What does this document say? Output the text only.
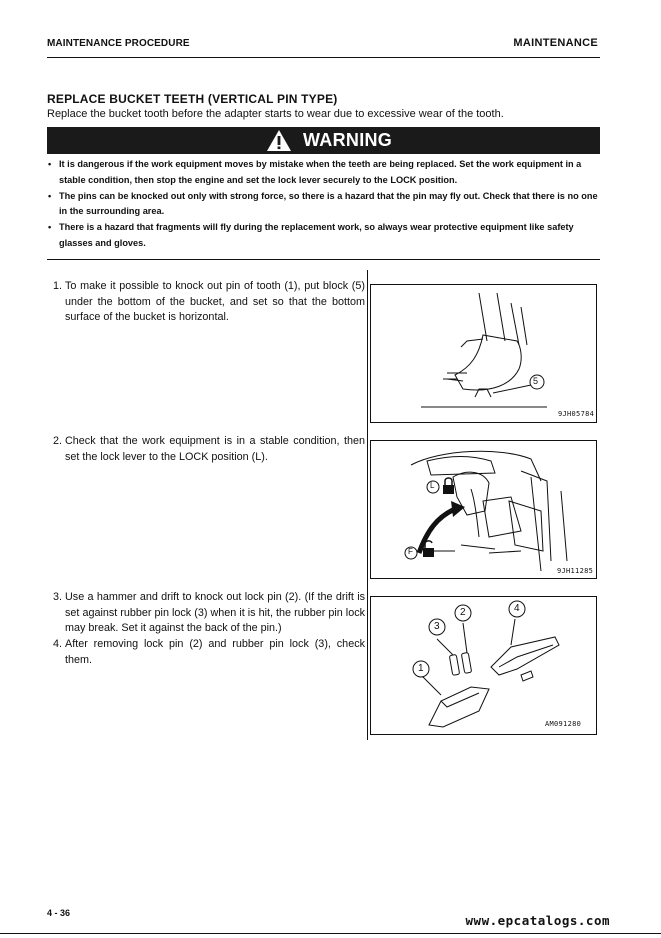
MAINTENANCE PROCEDURE	MAINTENANCE
REPLACE BUCKET TEETH (VERTICAL PIN TYPE)
Replace the bucket tooth before the adapter starts to wear due to excessive wear of the tooth.
WARNING
• It is dangerous if the work equipment moves by mistake when the teeth are being replaced. Set the work equipment in a stable condition, then stop the engine and set the lock lever securely to the LOCK position.
• The pins can be knocked out only with strong force, so there is a hazard that the pin may fly out. Check that there is no one in the surrounding area.
• There is a hazard that fragments will fly during the replacement work, so always wear protective equipment like safety glasses and gloves.
1. To make it possible to knock out pin of tooth (1), put block (5) under the bottom of the bucket, and set so that the bottom surface of the bucket is horizontal.
2. Check that the work equipment is in a stable condition, then set the lock lever to the LOCK position (L).
3. Use a hammer and drift to knock out lock pin (2). (If the drift is set against rubber pin lock (3) when it is hit, the rubber pin lock may break. Set it against the back of the pin.)
4. After removing lock pin (2) and rubber pin lock (3), check them.
5
9JH05784
L
F
9JH11285
1
2
3
4
AM091280
4 - 36	www.epcatalogs.com
